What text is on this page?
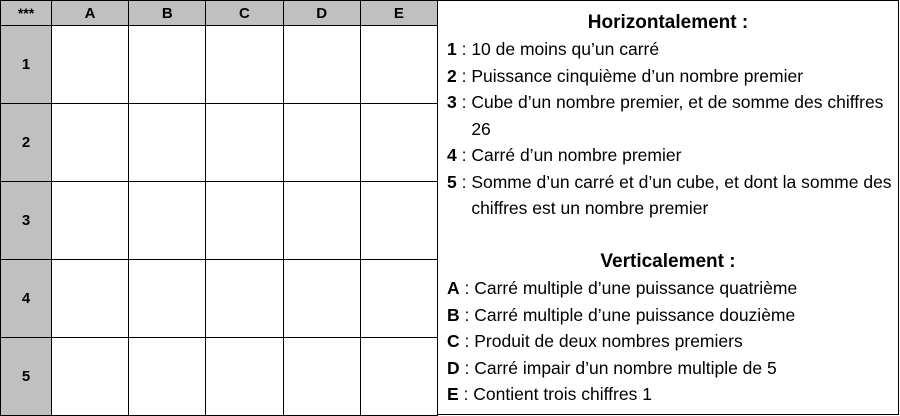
***	A	B	C	D	E
1					
2					
3					
4					
5					
Horizontalement :
1 : 10 de moins qu’un carré
2 : Puissance cinquième d’un nombre premier
3 : Cube d’un nombre premier, et de somme des chiffres 26
4 : Carré d’un nombre premier
5 : Somme d’un carré et d’un cube, et dont la somme des chiffres est un nombre premier
Verticalement :
A : Carré multiple d’une puissance quatrième
B : Carré multiple d’une puissance douzième
C : Produit de deux nombres premiers
D : Carré impair d’un nombre multiple de 5
E : Contient trois chiffres 1
